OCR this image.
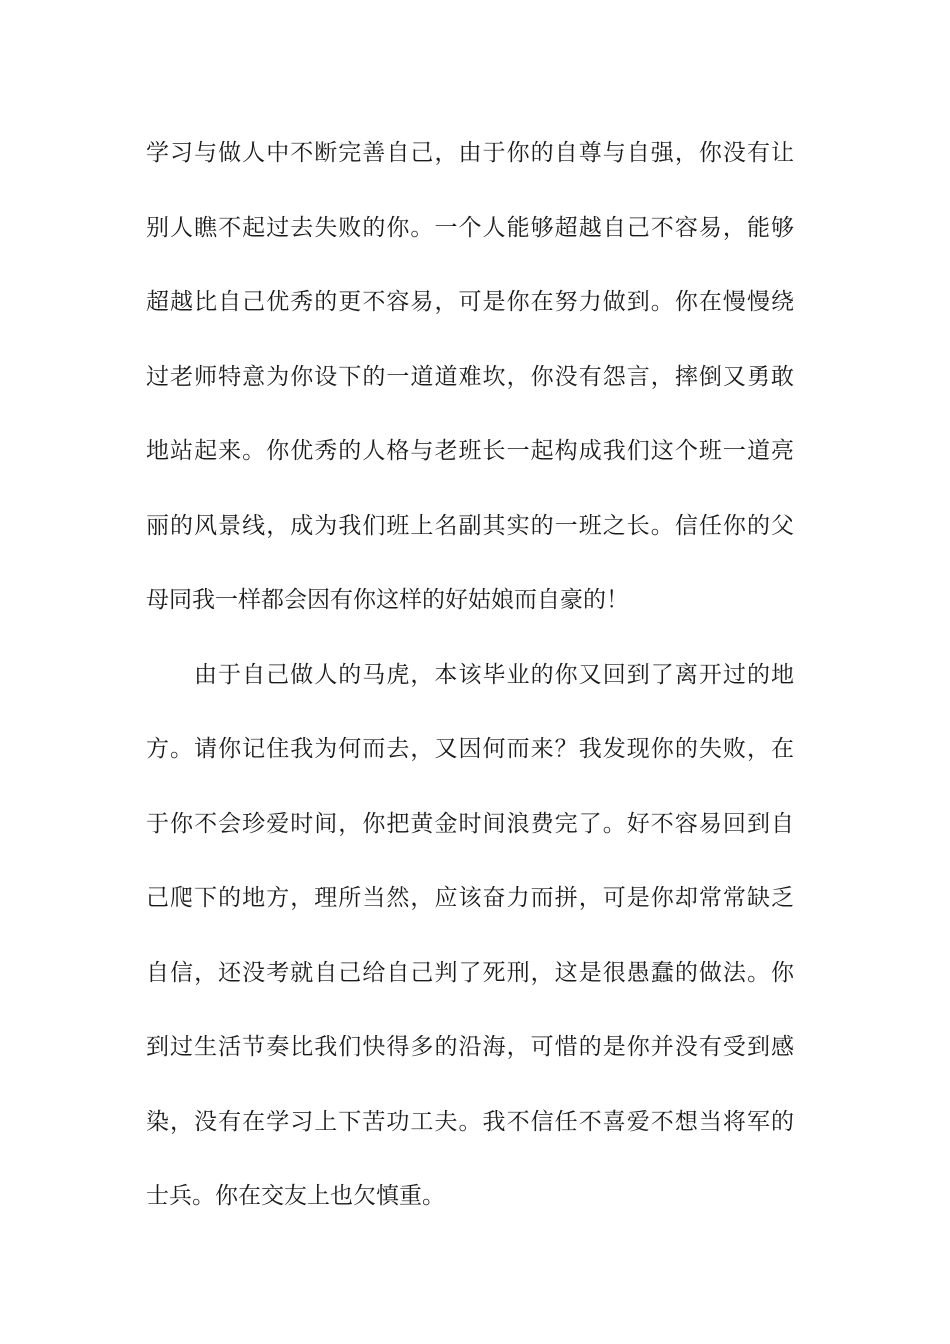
学习与做人中不断完善自己，由于你的自尊与自强，你没有让
别人瞧不起过去失败的你。一个人能够超越自己不容易，能够
超越比自己优秀的更不容易，可是你在努力做到。你在慢慢绕
过老师特意为你设下的一道道难坎，你没有怨言，摔倒又勇敢
地站起来。你优秀的人格与老班长一起构成我们这个班一道亮
丽的风景线，成为我们班上名副其实的一班之长。信任你的父
母同我一样都会因有你这样的好姑娘而自豪的！
由于自己做人的马虎，本该毕业的你又回到了离开过的地
方。请你记住我为何而去，又因何而来？我发现你的失败，在
于你不会珍爱时间，你把黄金时间浪费完了。好不容易回到自
己爬下的地方，理所当然，应该奋力而拼，可是你却常常缺乏
自信，还没考就自己给自己判了死刑，这是很愚蠢的做法。你
到过生活节奏比我们快得多的沿海，可惜的是你并没有受到感
染，没有在学习上下苦功工夫。我不信任不喜爱不想当将军的
士兵。你在交友上也欠慎重。
